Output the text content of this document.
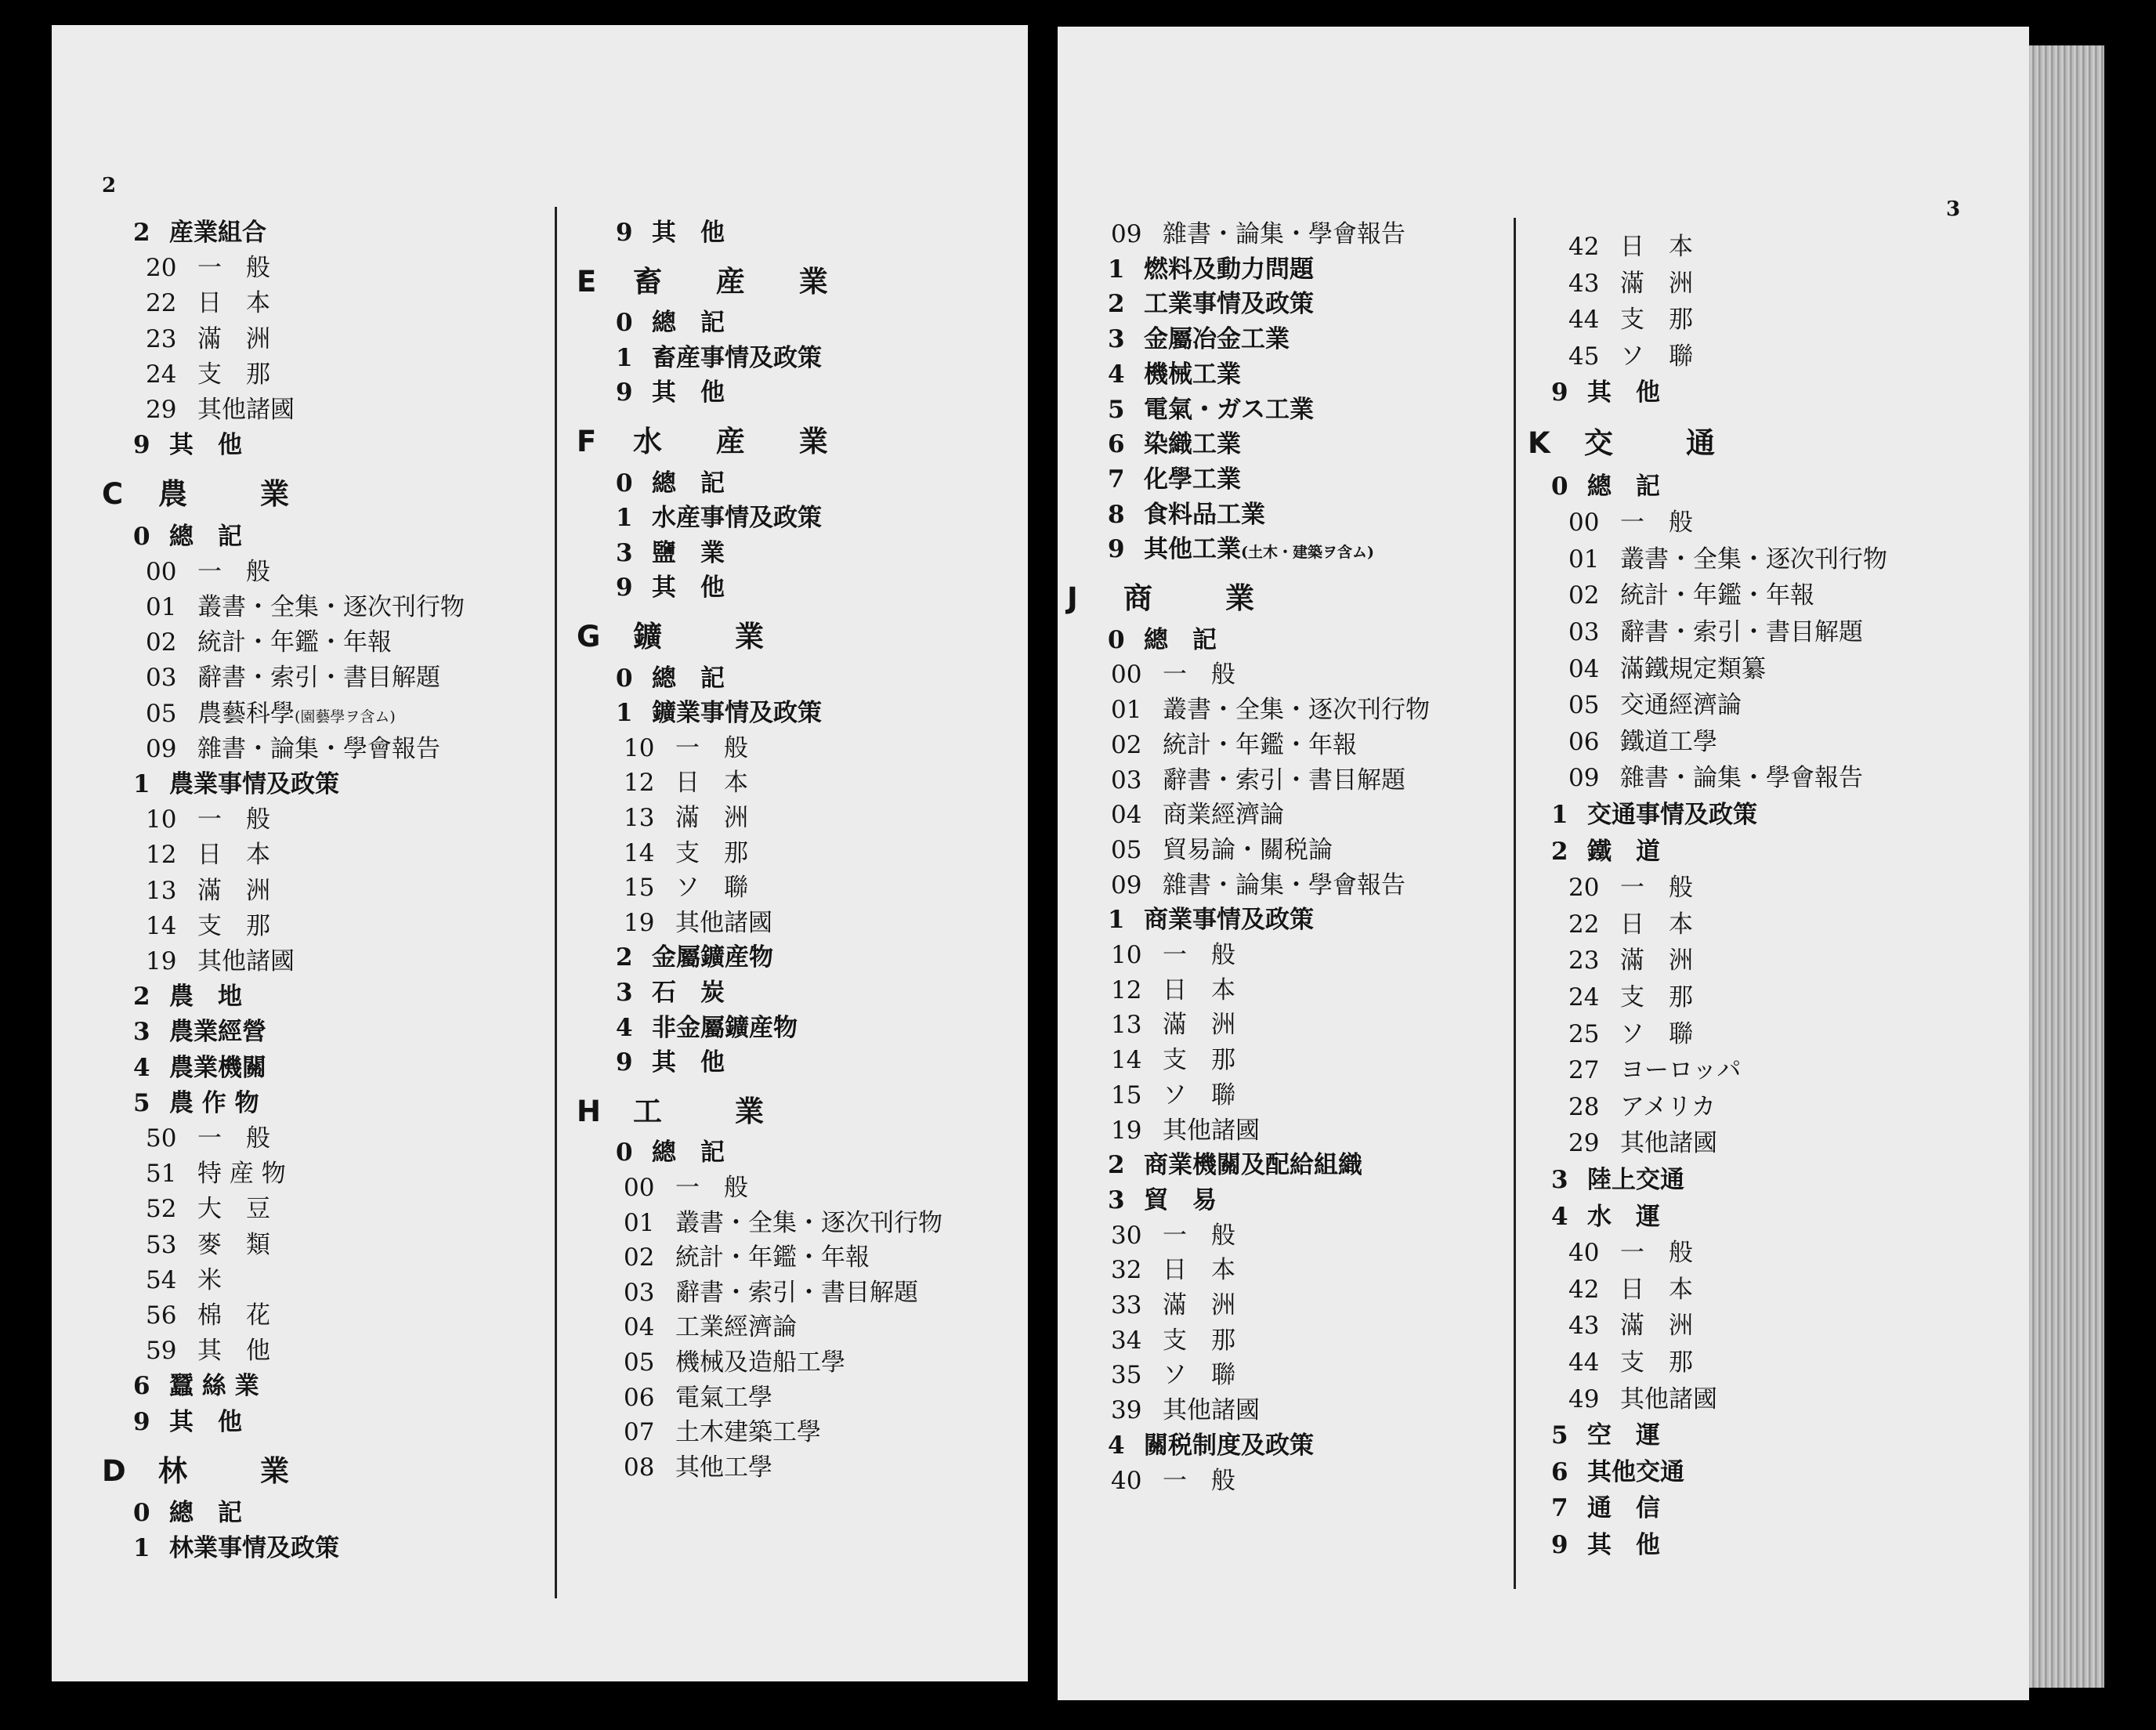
2
2 産業組合
20 一　般
22 日　本
23 滿　洲
24 支　那
29 其他諸國
9 其　他
C 農　業
0 總　記
00 一　般
01 叢書・全集・逐次刊行物
02 統計・年鑑・年報
03 辭書・索引・書目解題
05 農藝科學(園藝學ヲ含ム)
09 雜書・論集・學會報告
1 農業事情及政策
10 一　般
12 日　本
13 滿　洲
14 支　那
19 其他諸國
2 農　地
3 農業經營
4 農業機關
5 農 作 物
50 一　般
51 特 産 物
52 大　豆
53 麥　類
54 米
56 棉　花
59 其　他
6 蠶 絲 業
9 其　他
D 林　業
0 總　記
1 林業事情及政策
9 其　他
E 畜 産 業
0 總　記
1 畜産事情及政策
9 其　他
F 水 産 業
0 總　記
1 水産事情及政策
3 鹽　業
9 其　他
G 鑛　業
0 總　記
1 鑛業事情及政策
10 一　般
12 日　本
13 滿　洲
14 支　那
15 ソ　聯
19 其他諸國
2 金屬鑛産物
3 石　炭
4 非金屬鑛産物
9 其　他
H 工　業
0 總　記
00 一　般
01 叢書・全集・逐次刊行物
02 統計・年鑑・年報
03 辭書・索引・書目解題
04 工業經濟論
05 機械及造船工學
06 電氣工學
07 土木建築工學
08 其他工學
3
09 雜書・論集・學會報告
1 燃料及動力問題
2 工業事情及政策
3 金屬冶金工業
4 機械工業
5 電氣・ガス工業
6 染織工業
7 化學工業
8 食料品工業
9 其他工業(土木・建築ヲ含ム)
J 商　業
0 總　記
00 一　般
01 叢書・全集・逐次刊行物
02 統計・年鑑・年報
03 辭書・索引・書目解題
04 商業經濟論
05 貿易論・關税論
09 雜書・論集・學會報告
1 商業事情及政策
10 一　般
12 日　本
13 滿　洲
14 支　那
15 ソ　聯
19 其他諸國
2 商業機關及配給組織
3 貿　易
30 一　般
32 日　本
33 滿　洲
34 支　那
35 ソ　聯
39 其他諸國
4 關税制度及政策
40 一　般
42 日　本
43 滿　洲
44 支　那
45 ソ　聯
9 其　他
K 交　通
0 總　記
00 一　般
01 叢書・全集・逐次刊行物
02 統計・年鑑・年報
03 辭書・索引・書目解題
04 滿鐵規定類纂
05 交通經濟論
06 鐵道工學
09 雜書・論集・學會報告
1 交通事情及政策
2 鐵　道
20 一　般
22 日　本
23 滿　洲
24 支　那
25 ソ　聯
27 ヨーロッパ
28 アメリカ
29 其他諸國
3 陸上交通
4 水　運
40 一　般
42 日　本
43 滿　洲
44 支　那
49 其他諸國
5 空　運
6 其他交通
7 通　信
9 其　他
